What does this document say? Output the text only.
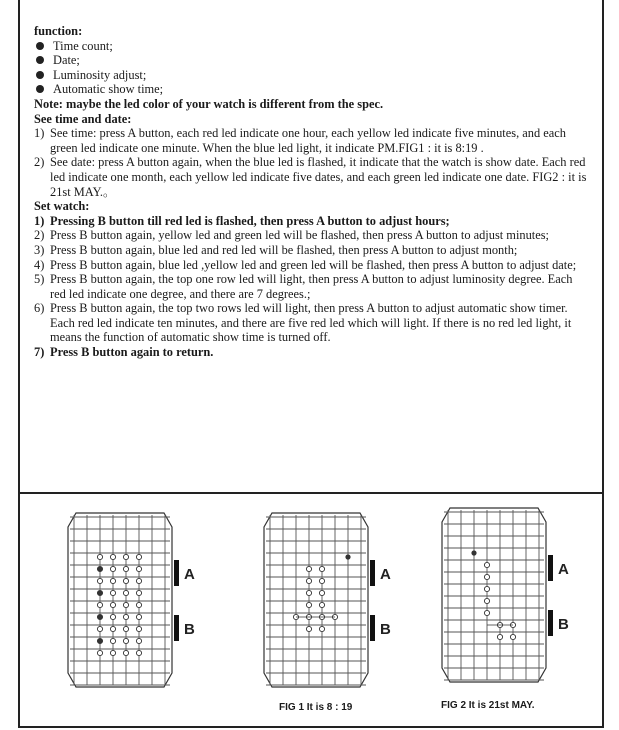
function:
Time count;
Date;
Luminosity adjust;
Automatic show time;
Note: maybe the led color of your watch is different from the spec.
See time and date:
1) See time: press A button, each red led indicate one hour, each yellow led indicate five minutes, and each green led indicate one minute. When the blue led light, it indicate PM.FIG1 : it is 8:19 .
2) See date: press A button again, when the blue led is flashed, it indicate that the watch is show date. Each red led indicate one month, each yellow led indicate five dates, and each green led indicate one date. FIG2 : it is 21st MAY.。
Set watch:
1) Pressing B button till red led is flashed, then press A button to adjust hours;
2) Press B button again, yellow led and green led will be flashed, then press A button to adjust minutes;
3) Press B button again, blue led and red led will be flashed, then press A button to adjust month;
4) Press B button again, blue led ,yellow led and green led will be flashed, then press A button to adjust date;
5) Press B button again, the top one row led will light, then press A button to adjust luminosity degree. Each red led indicate one degree, and there are 7 degrees.;
6) Press B button again, the top two rows led will light, then press A button to adjust automatic show timer. Each red led indicate ten minutes, and there are five red led which will light. If there is no red led light, it means the function of automatic show time is turned off.
7) Press B button again to return.
A
B
A
B
FIG 1 It is 8 : 19
A
B
FIG 2 It is 21st MAY.
